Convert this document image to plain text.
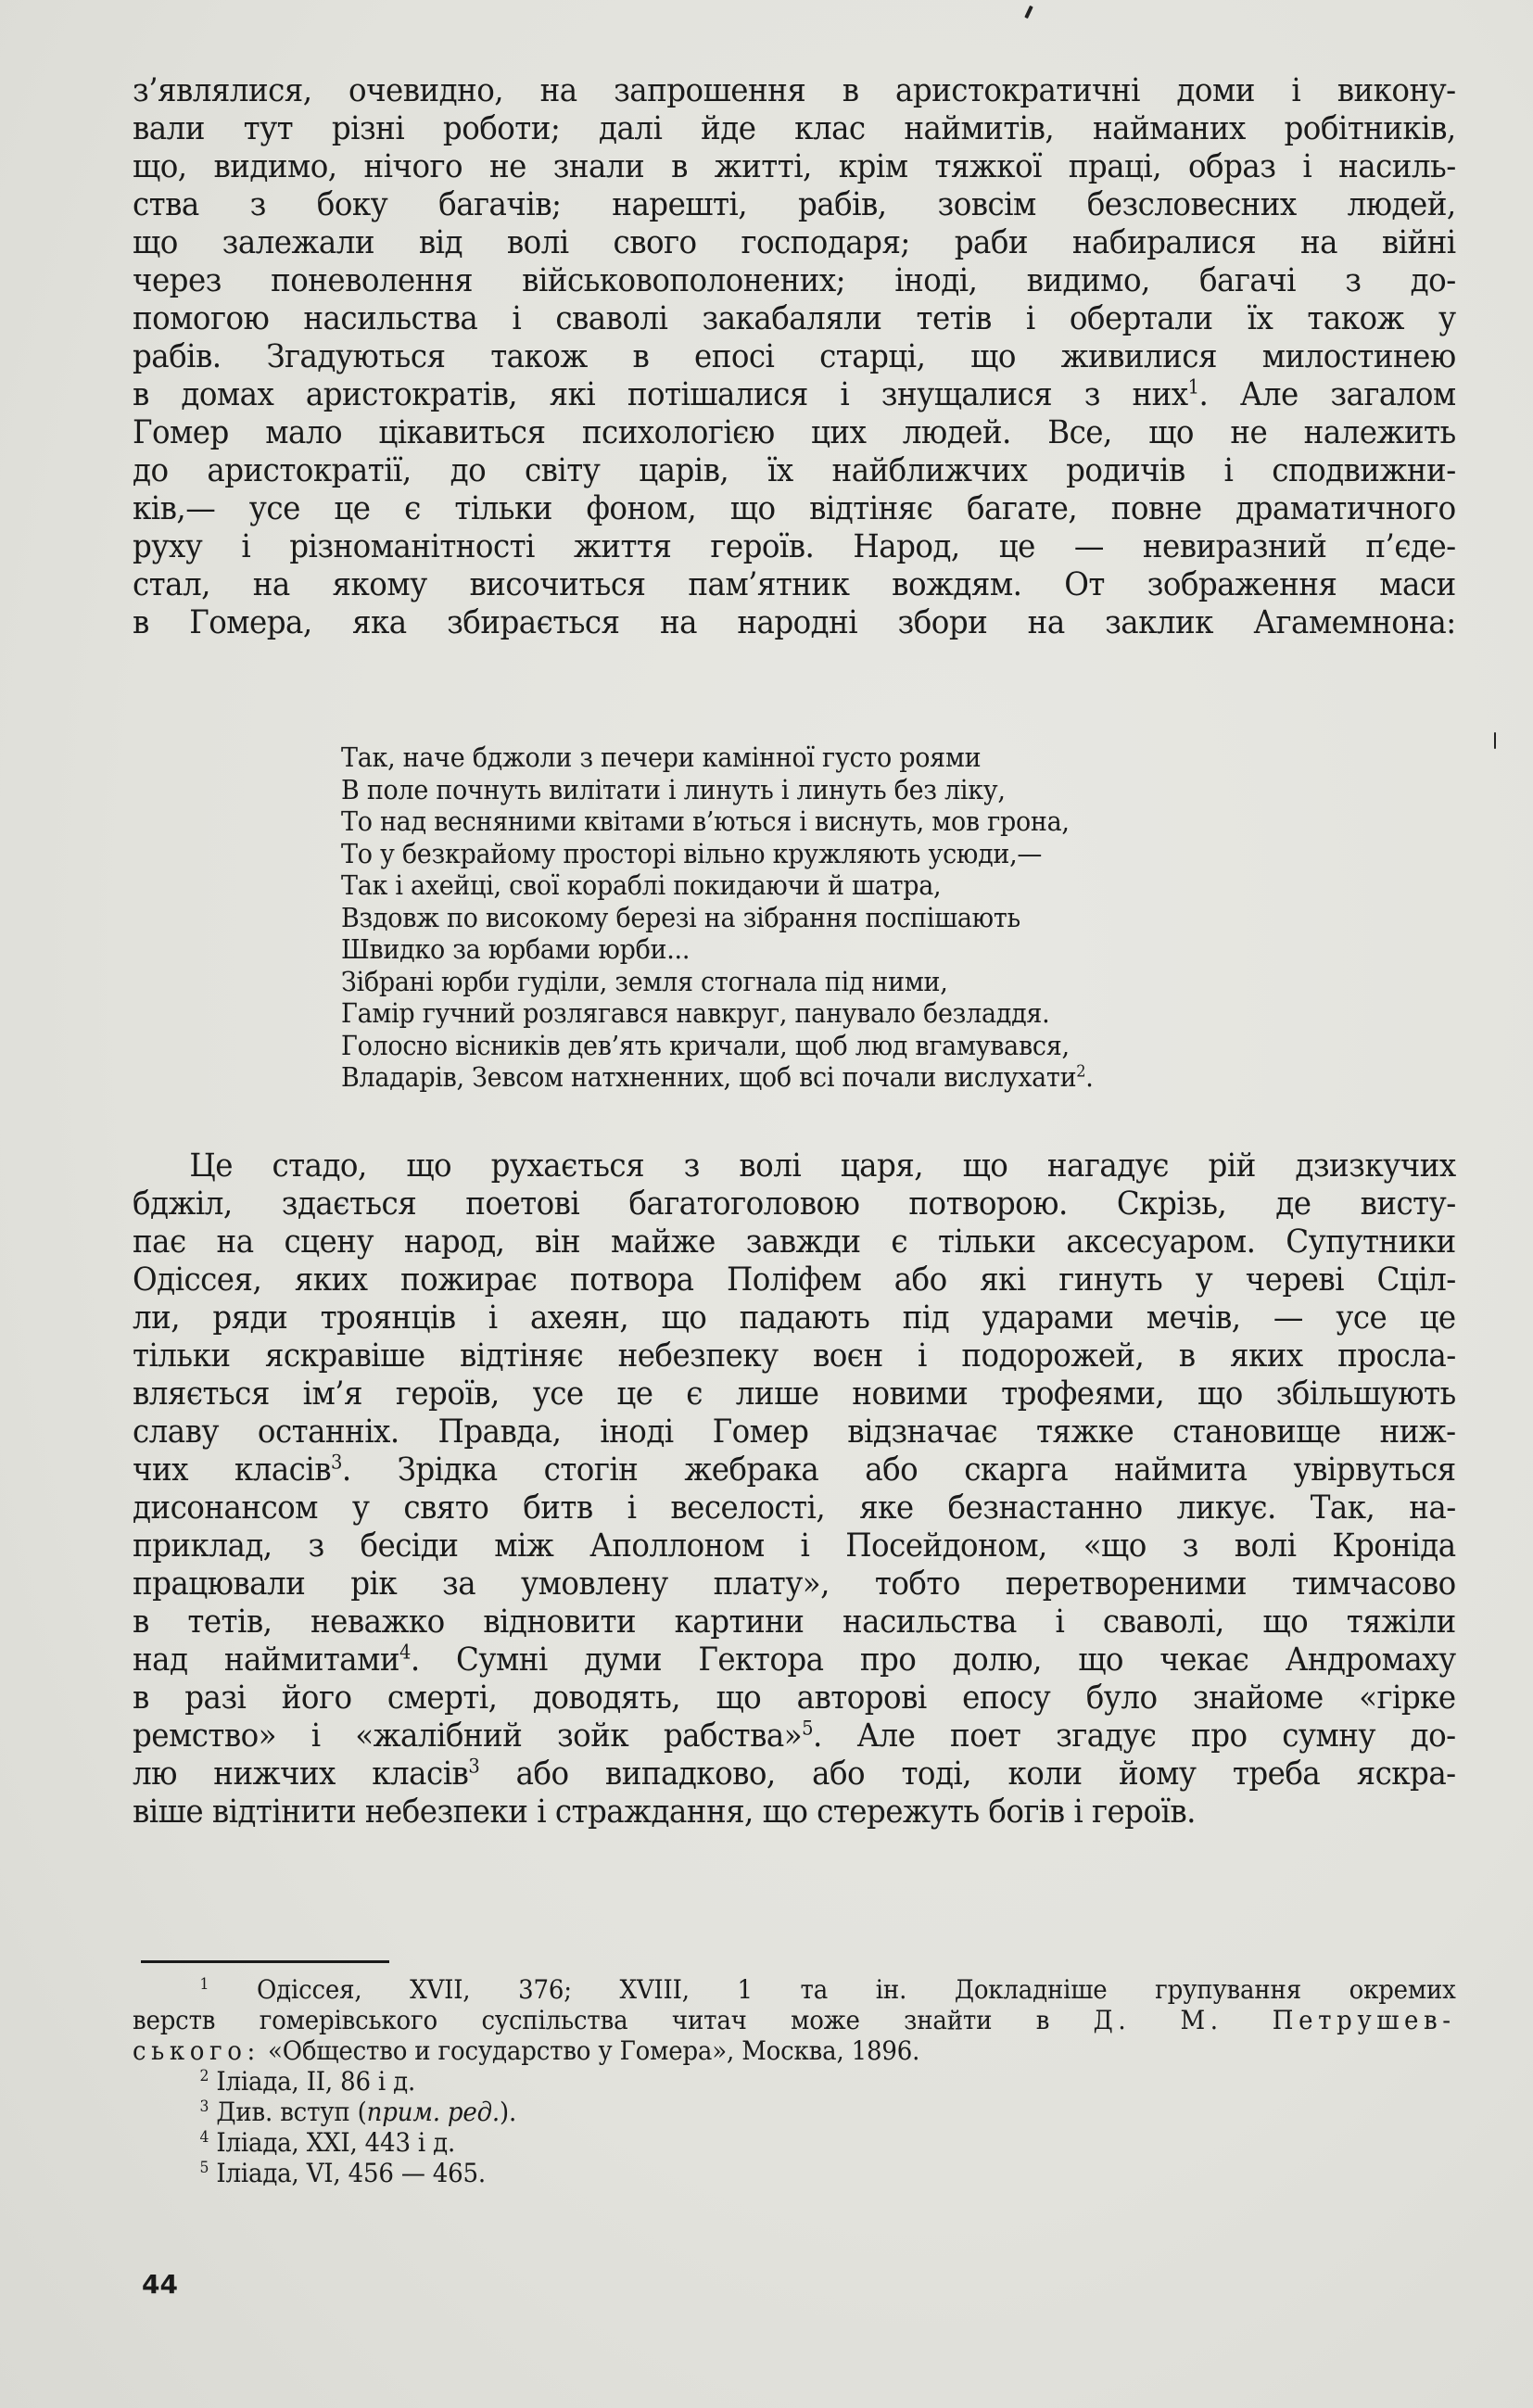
з’являлися, очевидно, на запрошення в аристократичні доми і викону-
вали тут різні роботи; далі йде клас наймитів, найманих робітників,
що, видимо, нічого не знали в житті, крім тяжкої праці, образ і насиль-
ства з боку багачів; нарешті, рабів, зовсім безсловесних людей,
що залежали від волі свого господаря; раби набиралися на війні
через поневолення військовополонених; іноді, видимо, багачі з до-
помогою насильства і сваволі закабаляли тетів і обертали їх також у
рабів. Згадуються також в епосі старці, що живилися милостинею
в домах аристократів, які потішалися і знущалися з них$^1$. Але загалом
Гомер мало цікавиться психологією цих людей. Все, що не належить
до аристократії, до світу царів, їх найближчих родичів і сподвижни-
ків,— усе це є тільки фоном, що відтіняє багате, повне драматичного
руху і різноманітності життя героїв. Народ, це — невиразний п’єде-
стал, на якому височиться пам’ятник вождям. От зображення маси
в Гомера, яка збирається на народні збори на заклик Агамемнона:
Так, наче бджоли з печери камінної густо роями
В поле почнуть вилітати і линуть і линуть без ліку,
То над весняними квітами в’ються і виснуть, мов грона,
То у безкрайому просторі вільно кружляють усюди,—
Так і ахейці, свої кораблі покидаючи й шатра,
Вздовж по високому березі на зібрання поспішають
Швидко за юрбами юрби...
Зібрані юрби гуділи, земля стогнала під ними,
Гамір гучний розлягався навкруг, панувало безладдя.
Голосно вісників дев’ять кричали, щоб люд вгамувався,
Владарів, Зевсом натхненних, щоб всі почали вислухати$^2$.
Це стадо, що рухається з волі царя, що нагадує рій дзизкучих
бджіл, здається поетові багатоголовою потворою. Скрізь, де висту-
пає на сцену народ, він майже завжди є тільки аксесуаром. Супутники
Одіссея, яких пожирає потвора Поліфем або які гинуть у череві Сціл-
ли, ряди троянців і ахеян, що падають під ударами мечів, — усе це
тільки яскравіше відтіняє небезпеку воєн і подорожей, в яких просла-
вляється ім’я героїв, усе це є лише новими трофеями, що збільшують
славу останніх. Правда, іноді Гомер відзначає тяжке становище ниж-
чих класів$^3$. Зрідка стогін жебрака або скарга наймита увірвуться
дисонансом у свято битв і веселості, яке безнастанно ликує. Так, на-
приклад, з бесіди між Аполлоном і Посейдоном, «що з волі Кроніда
працювали рік за умовлену плату», тобто перетвореними тимчасово
в тетів, неважко відновити картини насильства і сваволі, що тяжіли
над наймитами$^4$. Сумні думи Гектора про долю, що чекає Андромаху
в разі його смерті, доводять, що авторові епосу було знайоме «гірке
ремство» і «жалібний зойк рабства»$^5$. Але поет згадує про сумну до-
лю нижчих класів$^3$ або випадково, або тоді, коли йому треба яскра-
віше відтінити небезпеки і страждання, що стережуть богів і героїв.
$^1$ Одіссея, XVII, 376; XVIII, 1 та ін. Докладніше групування окремих
верств гомерівського суспільства читач може знайти в Д. М. Петрушев-
ського: «Общество и государство у Гомера», Москва, 1896.
$^2$ Іліада, II, 86 і д.
$^3$ Див. вступ (прим. ред.).
$^4$ Іліада, XXI, 443 і д.
$^5$ Іліада, VI, 456 — 465.
44
